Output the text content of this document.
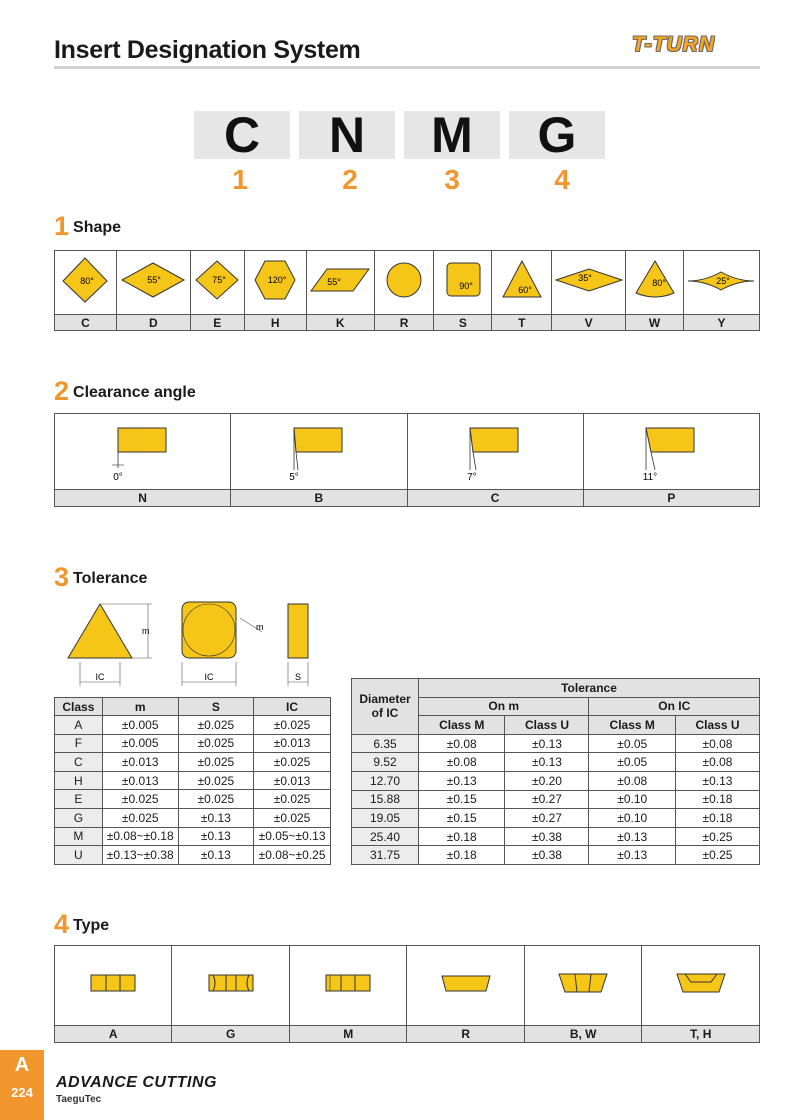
Insert Designation System	T-TURN
C	N	M	G
1	2	3	4
1 Shape
80°	55°	75°	120°	55°		90°	60°	35°	80°	25°

C	D	E	H	K	R	S	T	V	W	Y
2 Clearance angle
0°	5°	7°	11°

N	B	C	P
3 Tolerance
m
IC
m
IC	S
Class	m	S	IC
A	±0.005	±0.025	±0.025
F	±0.005	±0.025	±0.013
C	±0.013	±0.025	±0.025
H	±0.013	±0.025	±0.013
E	±0.025	±0.025	±0.025
G	±0.025	±0.13	±0.025
M	±0.08~±0.18	±0.13	±0.05~±0.13
U	±0.13~±0.38	±0.13	±0.08~±0.25
Diameter of IC	Tolerance			
	On m		On IC	
	Class M	Class U	Class M	Class U
6.35	±0.08	±0.13	±0.05	±0.08
9.52	±0.08	±0.13	±0.05	±0.08
12.70	±0.13	±0.20	±0.08	±0.13
15.88	±0.15	±0.27	±0.10	±0.18
19.05	±0.15	±0.27	±0.10	±0.18
25.40	±0.18	±0.38	±0.13	±0.25
31.75	±0.18	±0.38	±0.13	±0.25
4 Type

A	G	M	R	B, W	T, H
A
224
ADVANCE CUTTING
TaeguTec
